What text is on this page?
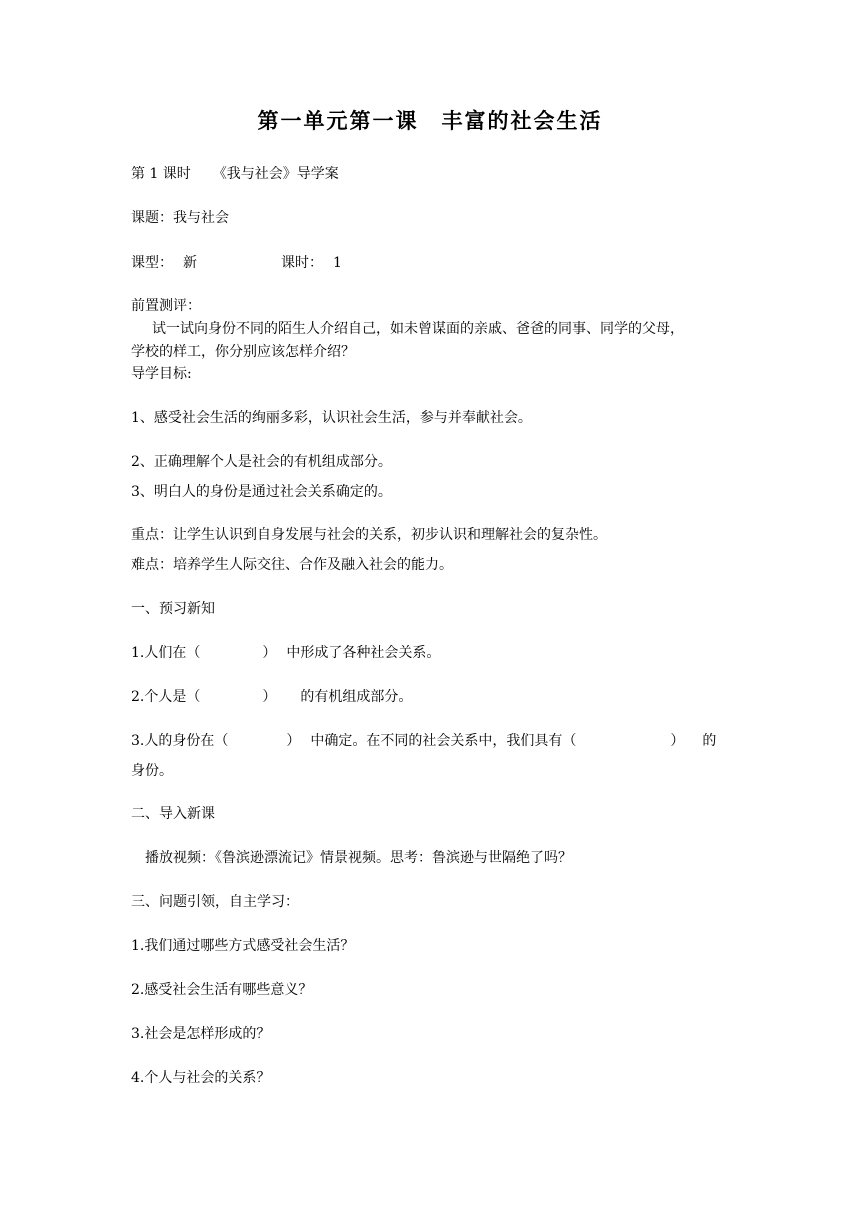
第一单元第一课　丰富的社会生活
第 1 课时 《我与社会》导学案
课题：我与社会
课型： 新	课时： 1
前置测评：
试一试向身份不同的陌生人介绍自己，如未曾谋面的亲戚、爸爸的同事、同学的父母，
学校的样工，你分别应该怎样介绍？
导学目标:
1、感受社会生活的绚丽多彩，认识社会生活，参与并奉献社会。
2、正确理解个人是社会的有机组成部分。
3、明白人的身份是通过社会关系确定的。
重点：让学生认识到自身发展与社会的关系，初步认识和理解社会的复杂性。
难点：培养学生人际交往、合作及融入社会的能力。
一、预习新知
1.人们在（	） 中形成了各种社会关系。
2.个人是（	） 的有机组成部分。
3.人的身份在（	） 中确定。在不同的社会关系中，我们具有（	） 的
身份。
二、导入新课
播放视频：《鲁滨逊漂流记》情景视频。思考：鲁滨逊与世隔绝了吗？
三、问题引领，自主学习：
1.我们通过哪些方式感受社会生活？
2.感受社会生活有哪些意义？
3.社会是怎样形成的？
4.个人与社会的关系？
